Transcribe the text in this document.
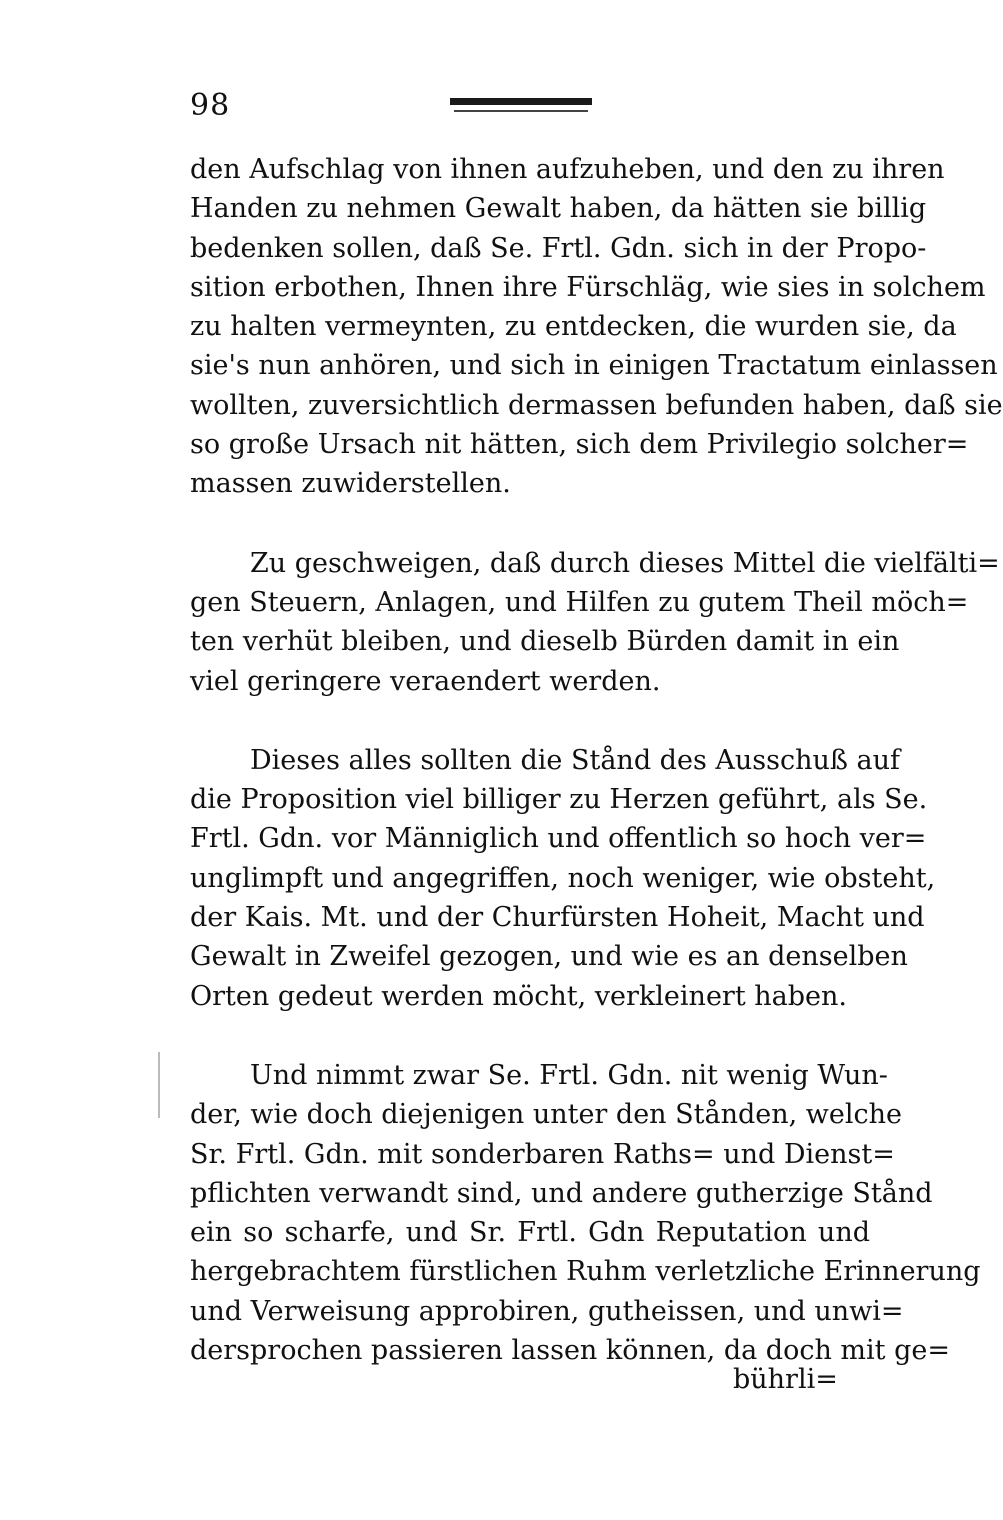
98
den Aufschlag von ihnen aufzuheben, und den zu ihren
Handen zu nehmen Gewalt haben, da hätten sie billig
bedenken sollen, daß Se. Frtl. Gdn. sich in der Propo-
sition erbothen, Ihnen ihre Fürschläg, wie sies in solchem
zu halten vermeynten, zu entdecken, die wurden sie, da
sie's nun anhören, und sich in einigen Tractatum einlassen
wollten, zuversichtlich dermassen befunden haben, daß sie
so große Ursach nit hätten, sich dem Privilegio solcher=
massen zuwiderstellen.
Zu geschweigen, daß durch dieses Mittel die vielfälti=
gen Steuern, Anlagen, und Hilfen zu gutem Theil möch=
ten verhüt bleiben, und dieselb Bürden damit in ein
viel geringere veraendert werden.
Dieses alles sollten die Stånd des Ausschuß auf
die Proposition viel billiger zu Herzen geführt, als Se.
Frtl. Gdn. vor Männiglich und offentlich so hoch ver=
unglimpft und angegriffen, noch weniger, wie obsteht,
der Kais. Mt. und der Churfürsten Hoheit, Macht und
Gewalt in Zweifel gezogen, und wie es an denselben
Orten gedeut werden möcht, verkleinert haben.
Und nimmt zwar Se. Frtl. Gdn. nit wenig Wun-
der, wie doch diejenigen unter den Stånden, welche
Sr. Frtl. Gdn. mit sonderbaren Raths= und Dienst=
pflichten verwandt sind, und andere gutherzige Stånd
ein so scharfe, und Sr. Frtl. Gdn Reputation und
hergebrachtem fürstlichen Ruhm verletzliche Erinnerung
und Verweisung approbiren, gutheissen, und unwi=
dersprochen passieren lassen können, da doch mit ge=
bührli=
